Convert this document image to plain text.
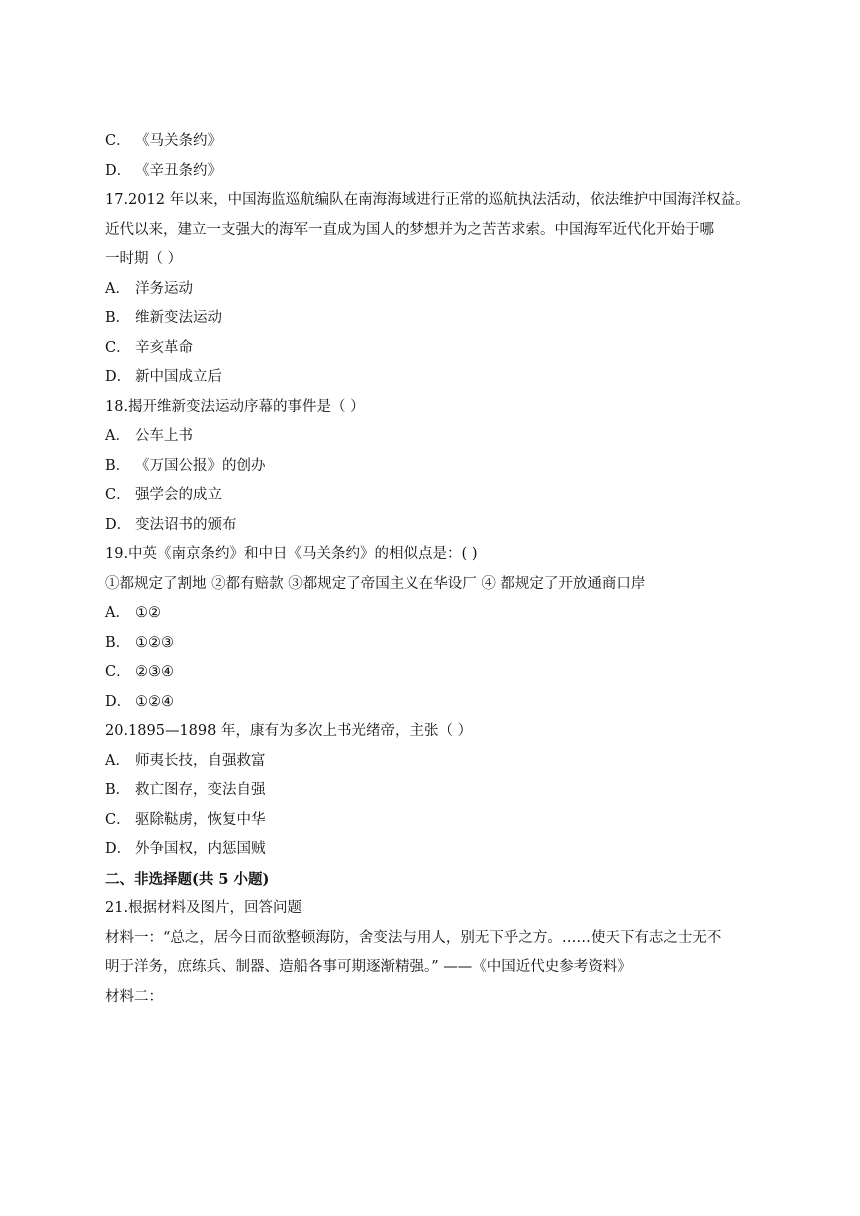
C． 《马关条约》
D． 《辛丑条约》
17.2012 年以来，中国海监巡航编队在南海海域进行正常的巡航执法活动，依法维护中国海洋权益。
近代以来，建立一支强大的海军一直成为国人的梦想并为之苦苦求索。中国海军近代化开始于哪
一时期（ ）
A． 洋务运动
B． 维新变法运动
C． 辛亥革命
D． 新中国成立后
18.揭开维新变法运动序幕的事件是（ ）
A． 公车上书
B． 《万国公报》的创办
C． 强学会的成立
D． 变法诏书的颁布
19.中英《南京条约》和中日《马关条约》的相似点是：( )
①都规定了割地 ②都有赔款 ③都规定了帝国主义在华设厂 ④ 都规定了开放通商口岸
A． ①②
B． ①②③
C． ②③④
D． ①②④
20.1895—1898 年，康有为多次上书光绪帝，主张（ ）
A． 师夷长技，自强救富
B． 救亡图存，变法自强
C． 驱除鞑虏，恢复中华
D． 外争国权，内惩国贼
二、非选择题(共 5 小题)
21.根据材料及图片，回答问题
材料一：“总之，居今日而欲整顿海防，舍变法与用人，别无下乎之方。……使天下有志之士无不
明于洋务，庶练兵、制器、造船各事可期逐渐精强。” ——《中国近代史参考资料》
材料二：
